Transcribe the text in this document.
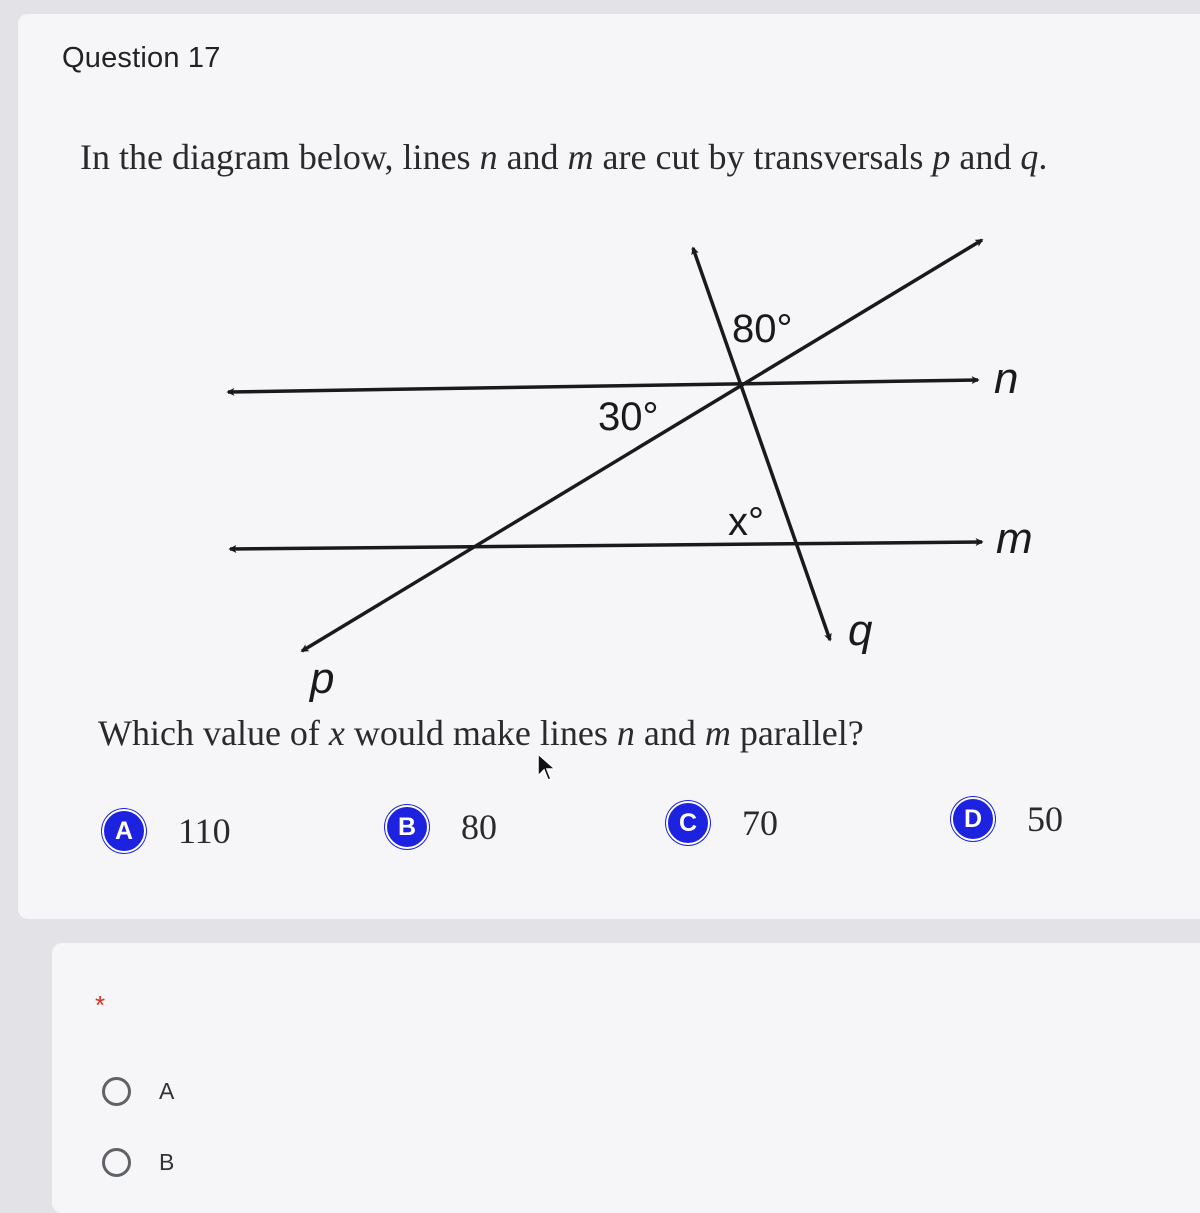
Question 17
In the diagram below, lines n and m are cut by transversals p and q.
80°
30°
x°
n
m
q
p
Which value of x would make lines n and m parallel?
A	110	B	80	C	70	D	50
*
A
B
